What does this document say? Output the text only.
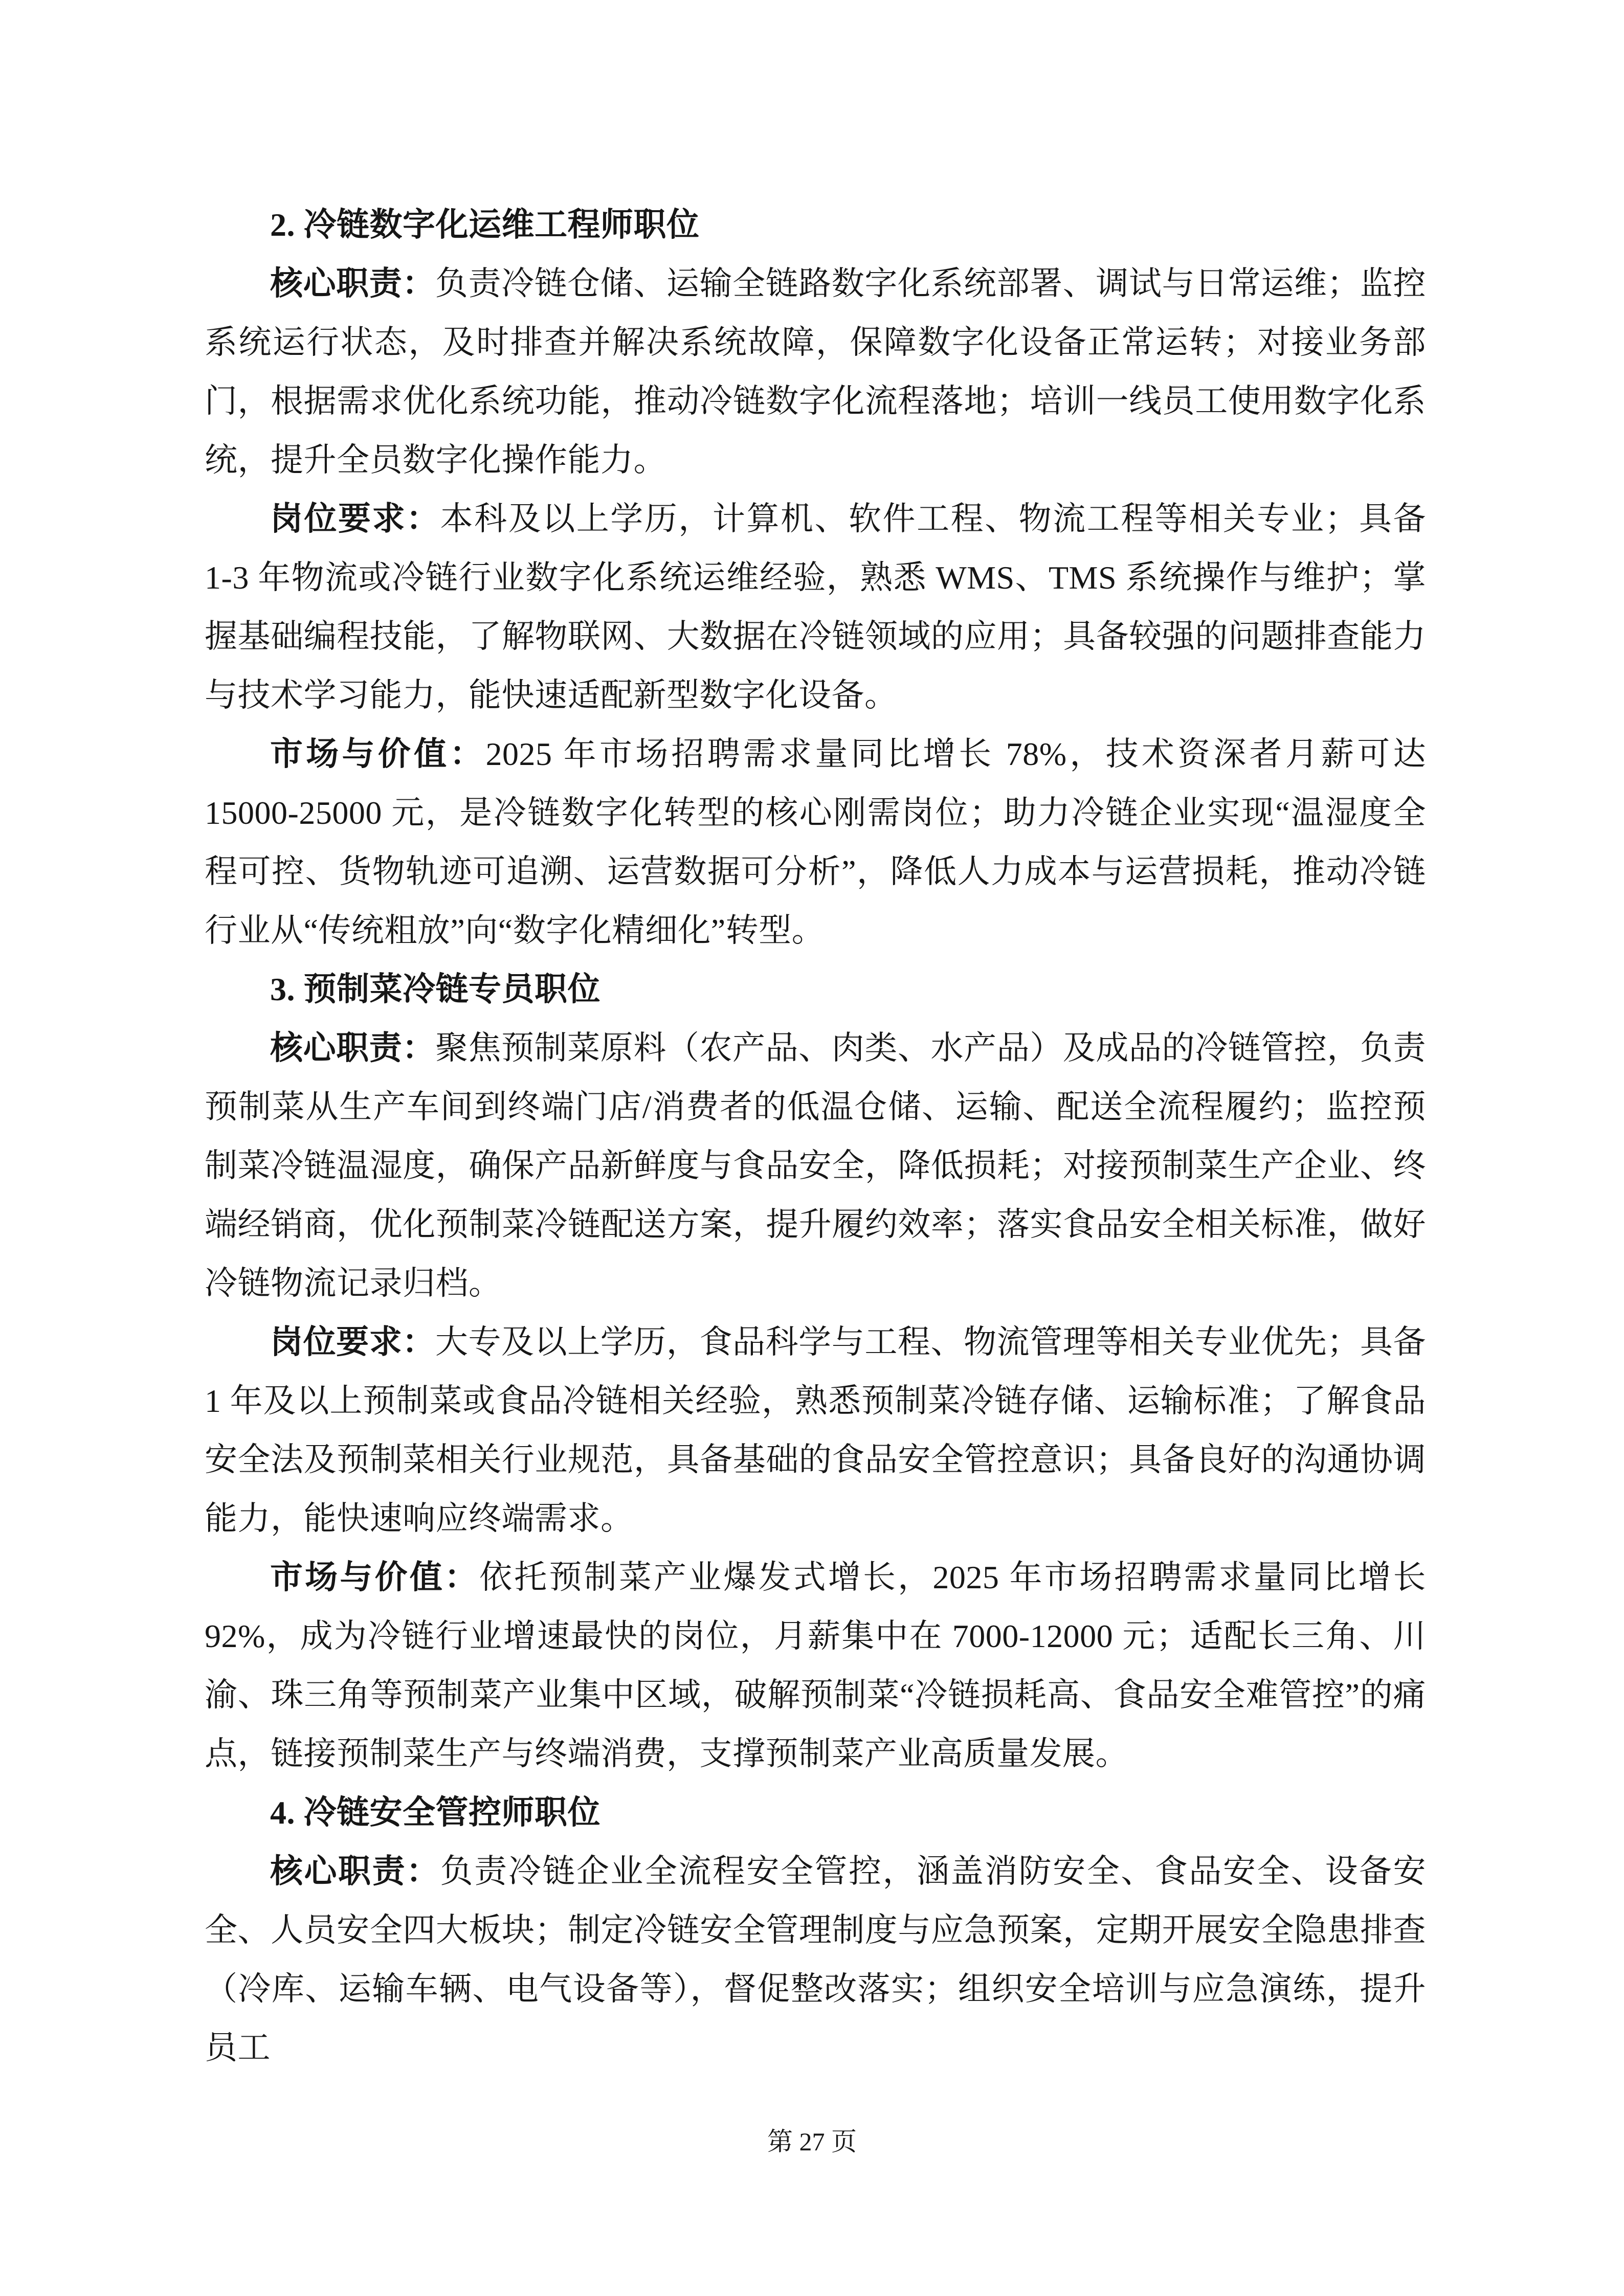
2. 冷链数字化运维工程师职位

核心职责：负责冷链仓储、运输全链路数字化系统部署、调试与日常运维；监控系统运行状态，及时排查并解决系统故障，保障数字化设备正常运转；对接业务部门，根据需求优化系统功能，推动冷链数字化流程落地；培训一线员工使用数字化系统，提升全员数字化操作能力。

岗位要求：本科及以上学历，计算机、软件工程、物流工程等相关专业；具备 1-3 年物流或冷链行业数字化系统运维经验，熟悉 WMS、TMS 系统操作与维护；掌握基础编程技能，了解物联网、大数据在冷链领域的应用；具备较强的问题排查能力与技术学习能力，能快速适配新型数字化设备。

市场与价值：2025 年市场招聘需求量同比增长 78%，技术资深者月薪可达 15000-25000 元，是冷链数字化转型的核心刚需岗位；助力冷链企业实现“温湿度全程可控、货物轨迹可追溯、运营数据可分析”，降低人力成本与运营损耗，推动冷链行业从“传统粗放”向“数字化精细化”转型。

3. 预制菜冷链专员职位

核心职责：聚焦预制菜原料（农产品、肉类、水产品）及成品的冷链管控，负责预制菜从生产车间到终端门店/消费者的低温仓储、运输、配送全流程履约；监控预制菜冷链温湿度，确保产品新鲜度与食品安全，降低损耗；对接预制菜生产企业、终端经销商，优化预制菜冷链配送方案，提升履约效率；落实食品安全相关标准，做好冷链物流记录归档。

岗位要求：大专及以上学历，食品科学与工程、物流管理等相关专业优先；具备 1 年及以上预制菜或食品冷链相关经验，熟悉预制菜冷链存储、运输标准；了解食品安全法及预制菜相关行业规范，具备基础的食品安全管控意识；具备良好的沟通协调能力，能快速响应终端需求。

市场与价值：依托预制菜产业爆发式增长，2025 年市场招聘需求量同比增长 92%，成为冷链行业增速最快的岗位，月薪集中在 7000-12000 元；适配长三角、川渝、珠三角等预制菜产业集中区域，破解预制菜“冷链损耗高、食品安全难管控”的痛点，链接预制菜生产与终端消费，支撑预制菜产业高质量发展。

4. 冷链安全管控师职位

核心职责：负责冷链企业全流程安全管控，涵盖消防安全、食品安全、设备安全、人员安全四大板块；制定冷链安全管理制度与应急预案，定期开展安全隐患排查（冷库、运输车辆、电气设备等），督促整改落实；组织安全培训与应急演练，提升员工

第 27 页
